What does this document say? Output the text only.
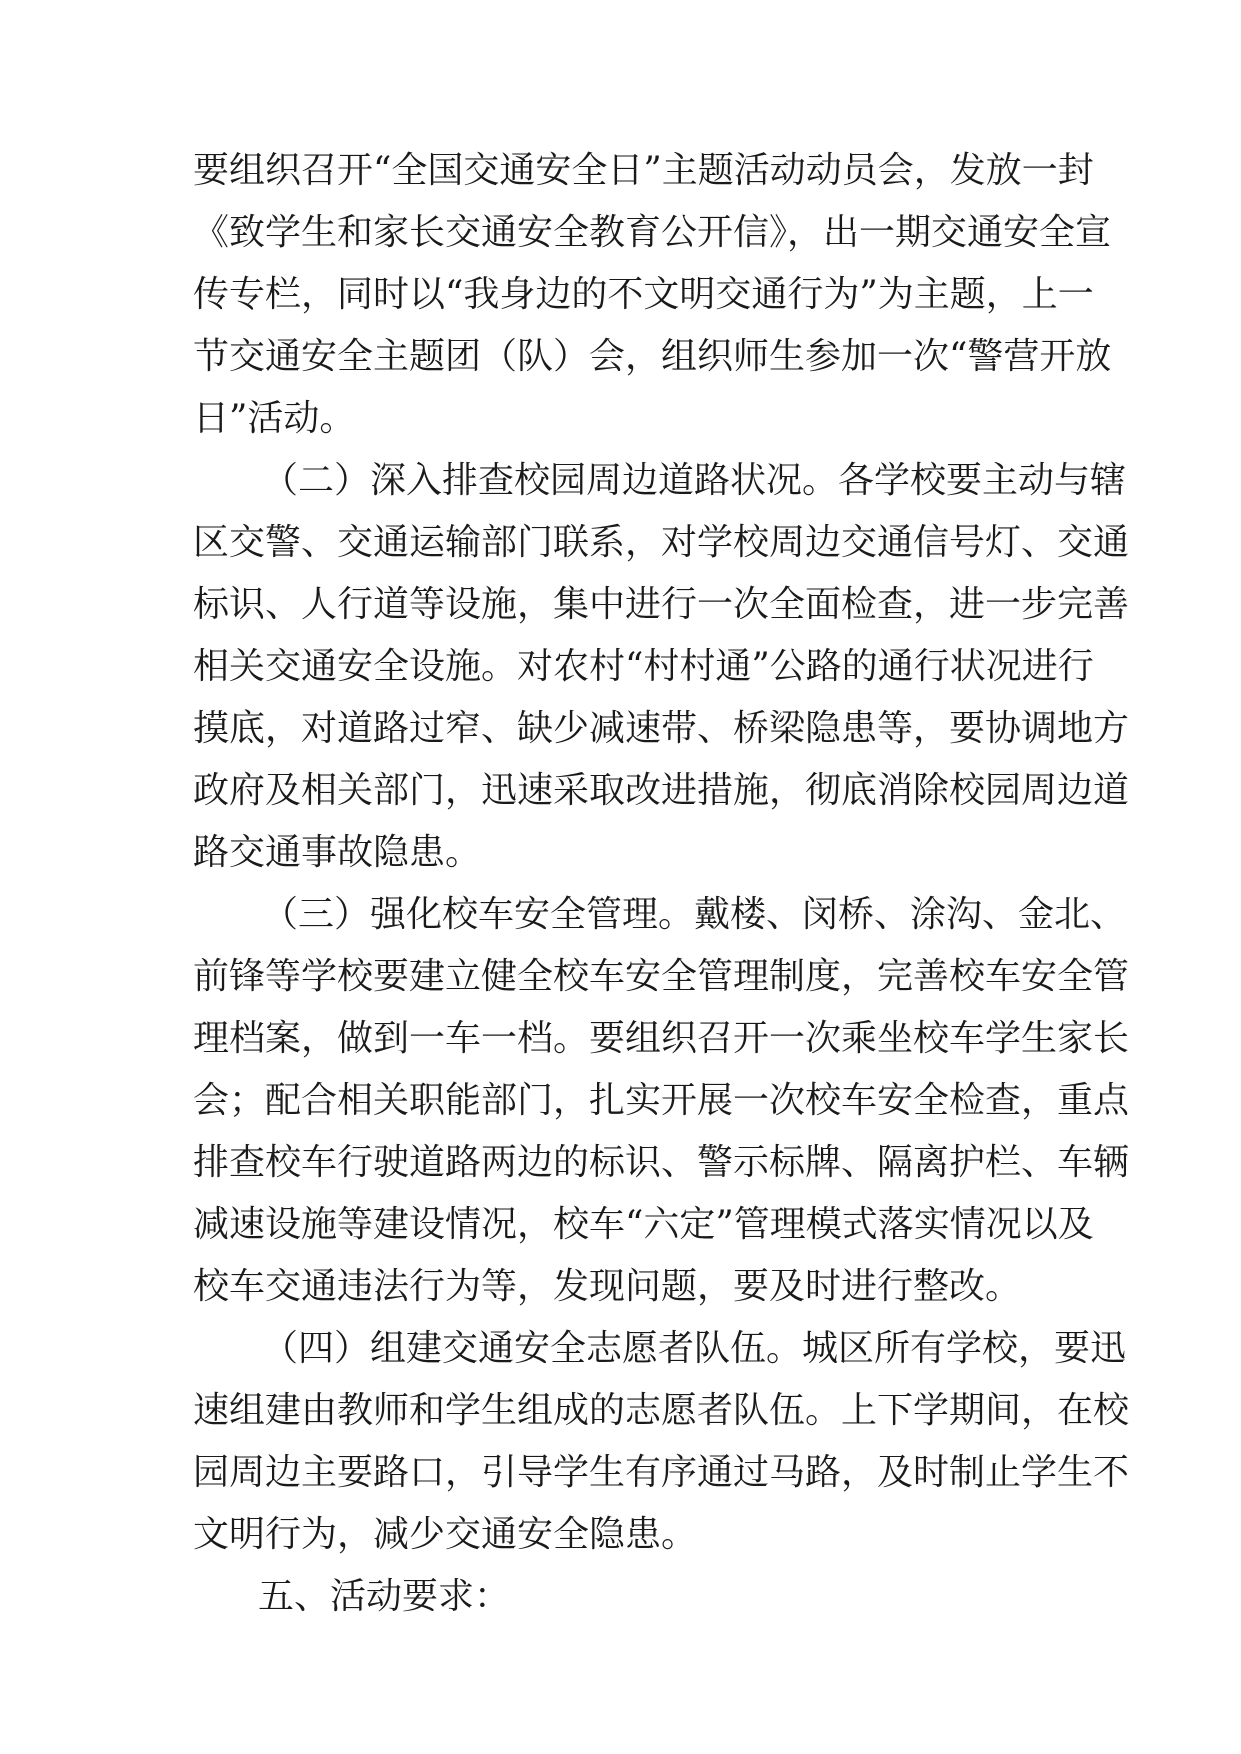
要组织召开“全国交通安全日”主题活动动员会，发放一封

《致学生和家长交通安全教育公开信》，出一期交通安全宣

传专栏，同时以“我身边的不文明交通行为”为主题，上一

节交通安全主题团（队）会，组织师生参加一次“警营开放

日”活动。

（二）深入排查校园周边道路状况。各学校要主动与辖

区交警、交通运输部门联系，对学校周边交通信号灯、交通

标识、人行道等设施，集中进行一次全面检查，进一步完善

相关交通安全设施。对农村“村村通”公路的通行状况进行

摸底，对道路过窄、缺少减速带、桥梁隐患等，要协调地方

政府及相关部门，迅速采取改进措施，彻底消除校园周边道

路交通事故隐患。

（三）强化校车安全管理。戴楼、闵桥、涂沟、金北、

前锋等学校要建立健全校车安全管理制度，完善校车安全管

理档案，做到一车一档。要组织召开一次乘坐校车学生家长

会；配合相关职能部门，扎实开展一次校车安全检查，重点

排查校车行驶道路两边的标识、警示标牌、隔离护栏、车辆

减速设施等建设情况，校车“六定”管理模式落实情况以及

校车交通违法行为等，发现问题，要及时进行整改。

（四）组建交通安全志愿者队伍。城区所有学校，要迅

速组建由教师和学生组成的志愿者队伍。上下学期间，在校

园周边主要路口，引导学生有序通过马路，及时制止学生不

文明行为，减少交通安全隐患。

五、活动要求：
